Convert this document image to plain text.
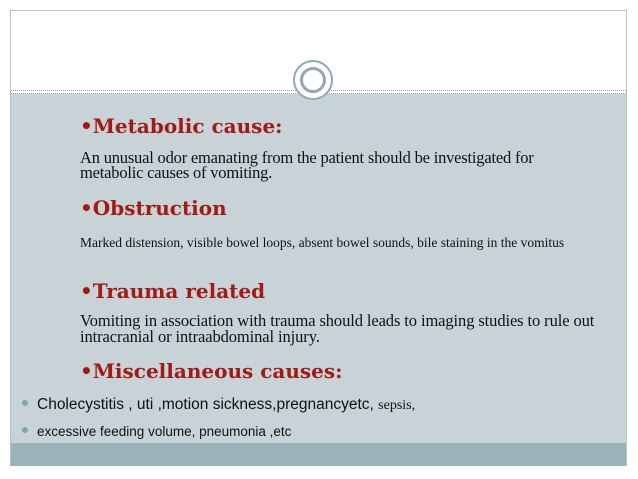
•Metabolic cause:
An unusual odor emanating from the patient should be investigated for metabolic causes of vomiting.
•Obstruction
Marked distension, visible bowel loops, absent bowel sounds, bile staining in the vomitus
•Trauma related
Vomiting in association with trauma should leads to imaging studies to rule out intracranial or intraabdominal injury.
•Miscellaneous causes:
Cholecystitis , uti ,motion sickness,pregnancyetc, sepsis,
excessive feeding volume, pneumonia ,etc
